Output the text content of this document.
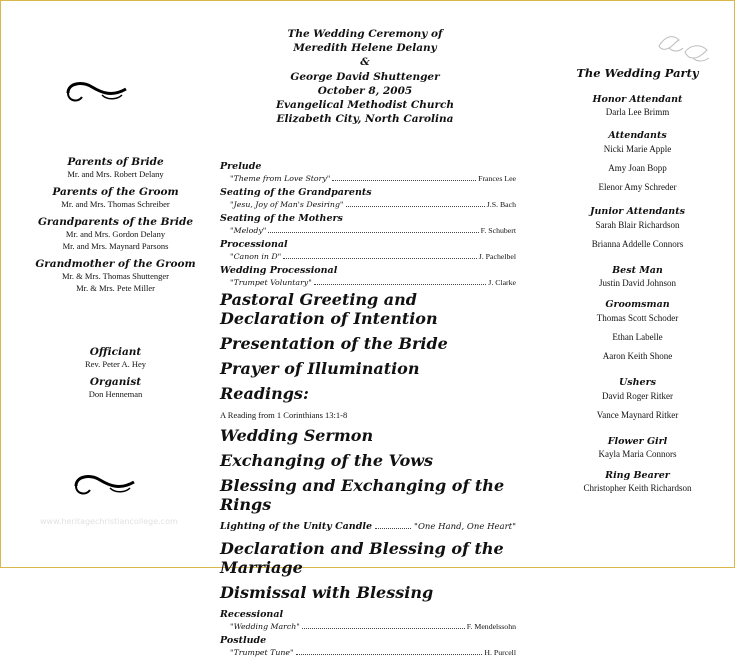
The Wedding Ceremony of
Meredith Helene Delany
&
George David Shuttenger
October 8, 2005
Evangelical Methodist Church
Elizabeth City, North Carolina
Parents of Bride
Mr. and Mrs. Robert Delany
Parents of the Groom
Mr. and Mrs. Thomas Schreiber
Grandparents of the Bride
Mr. and Mrs. Gordon Delany
Mr. and Mrs. Maynard Parsons
Grandmother of the Groom
Mr. & Mrs. Thomas Shuttenger
Mr. & Mrs. Pete Miller
Officiant
Rev. Peter A. Hey
Organist
Don Henneman
Prelude
"Theme from Love Story"	Frances Lee
Seating of the Grandparents
"Jesu, Joy of Man's Desiring"	J.S. Bach
Seating of the Mothers
"Melody"	F. Schubert
Processional
"Canon in D"	J. Pachelbel
Wedding Processional
"Trumpet Voluntary"	J. Clarke
Pastoral Greeting and Declaration of Intention
Presentation of the Bride
Prayer of Illumination
Readings:
A Reading from 1 Corinthians 13:1-8
Wedding Sermon
Exchanging of the Vows
Blessing and Exchanging of the Rings
Lighting of the Unity Candle	"One Hand, One Heart"
Declaration and Blessing of the Marriage
Dismissal with Blessing
Recessional
"Wedding March"	F. Mendelssohn
Postlude
"Trumpet Tune"	H. Purcell
The Wedding Party
Honor Attendant
Darla Lee Brimm
Attendants
Nicki Marie Apple
Amy Joan Bopp
Elenor Amy Schreder
Junior Attendants
Sarah Blair Richardson
Brianna Addelle Connors
Best Man
Justin David Johnson
Groomsman
Thomas Scott Schoder
Ethan Labelle
Aaron Keith Shone
Ushers
David Roger Ritker
Vance Maynard Ritker
Flower Girl
Kayla Maria Connors
Ring Bearer
Christopher Keith Richardson
www.heritagechristiancollege.com
